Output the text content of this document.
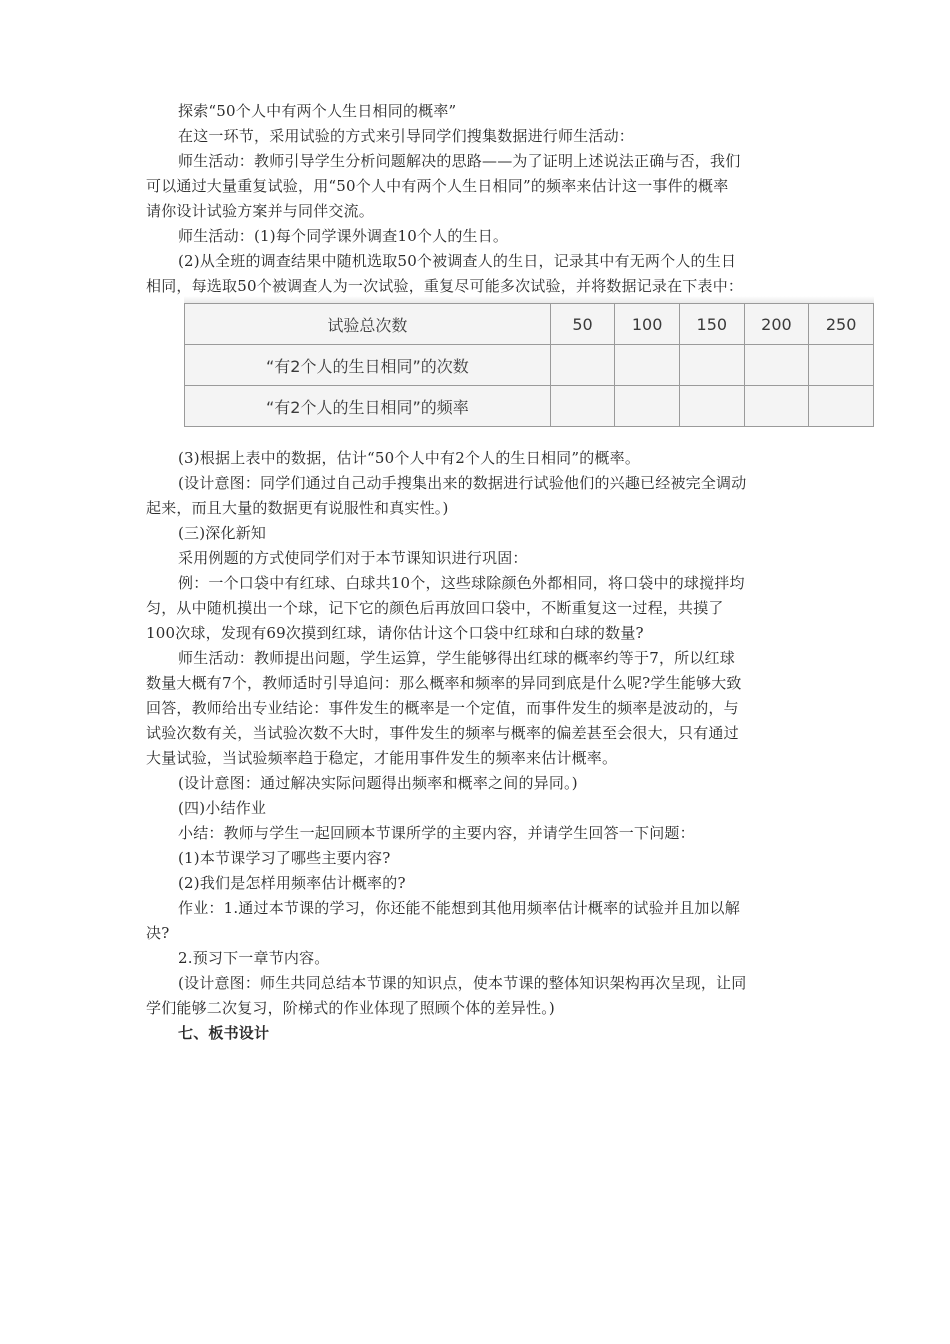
探索“50个人中有两个人生日相同的概率”
在这一环节，采用试验的方式来引导同学们搜集数据进行师生活动：
师生活动：教师引导学生分析问题解决的思路——为了证明上述说法正确与否，我们
可以通过大量重复试验，用“50个人中有两个人生日相同”的频率来估计这一事件的概率
请你设计试验方案并与同伴交流。
师生活动：(1)每个同学课外调查10个人的生日。
(2)从全班的调查结果中随机选取50个被调查人的生日，记录其中有无两个人的生日
相同，每选取50个被调查人为一次试验，重复尽可能多次试验，并将数据记录在下表中：
试验总次数	50	100	150	200	250
“有2个人的生日相同”的次数					
“有2个人的生日相同”的频率					
(3)根据上表中的数据，估计“50个人中有2个人的生日相同”的概率。
(设计意图：同学们通过自己动手搜集出来的数据进行试验他们的兴趣已经被完全调动
起来，而且大量的数据更有说服性和真实性。)
(三)深化新知
采用例题的方式使同学们对于本节课知识进行巩固：
例：一个口袋中有红球、白球共10个，这些球除颜色外都相同，将口袋中的球搅拌均
匀，从中随机摸出一个球，记下它的颜色后再放回口袋中，不断重复这一过程，共摸了
100次球，发现有69次摸到红球，请你估计这个口袋中红球和白球的数量?
师生活动：教师提出问题，学生运算，学生能够得出红球的概率约等于7，所以红球
数量大概有7个，教师适时引导追问：那么概率和频率的异同到底是什么呢?学生能够大致
回答，教师给出专业结论：事件发生的概率是一个定值，而事件发生的频率是波动的，与
试验次数有关，当试验次数不大时，事件发生的频率与概率的偏差甚至会很大，只有通过
大量试验，当试验频率趋于稳定，才能用事件发生的频率来估计概率。
(设计意图：通过解决实际问题得出频率和概率之间的异同。)
(四)小结作业
小结：教师与学生一起回顾本节课所学的主要内容，并请学生回答一下问题：
(1)本节课学习了哪些主要内容?
(2)我们是怎样用频率估计概率的?
作业：1.通过本节课的学习，你还能不能想到其他用频率估计概率的试验并且加以解
决?
2.预习下一章节内容。
(设计意图：师生共同总结本节课的知识点，使本节课的整体知识架构再次呈现，让同
学们能够二次复习，阶梯式的作业体现了照顾个体的差异性。)
七、板书设计
